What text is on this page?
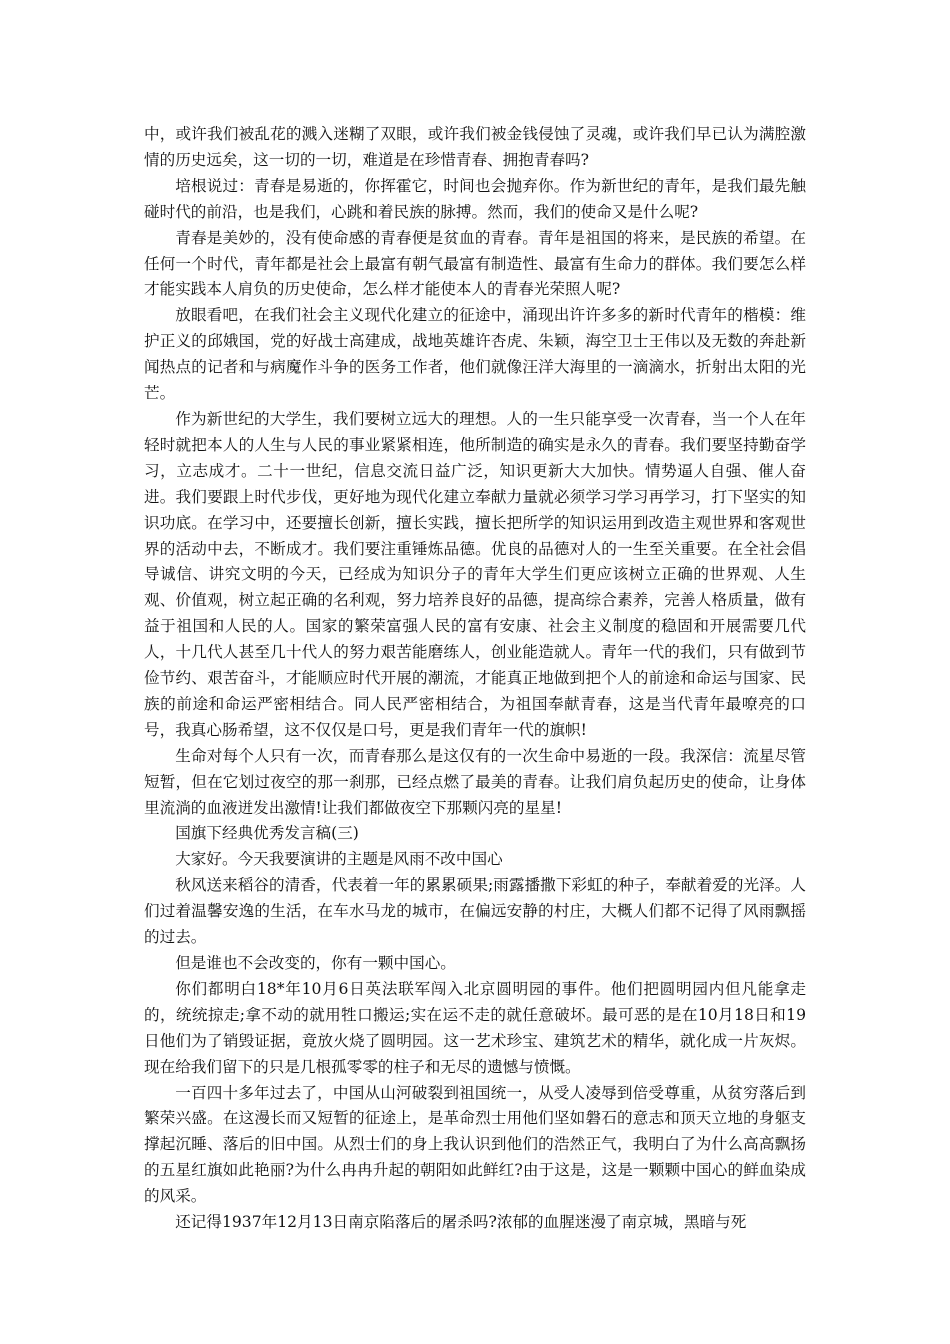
中，或许我们被乱花的溅入迷糊了双眼，或许我们被金钱侵蚀了灵魂，或许我们早已认为满腔激情的历史远矣，这一切的一切，难道是在珍惜青春、拥抱青春吗?

培根说过：青春是易逝的，你挥霍它，时间也会抛弃你。作为新世纪的青年，是我们最先触碰时代的前沿，也是我们，心跳和着民族的脉搏。然而，我们的使命又是什么呢?

青春是美妙的，没有使命感的青春便是贫血的青春。青年是祖国的将来，是民族的希望。在任何一个时代，青年都是社会上最富有朝气最富有制造性、最富有生命力的群体。我们要怎么样才能实践本人肩负的历史使命，怎么样才能使本人的青春光荣照人呢?

放眼看吧，在我们社会主义现代化建立的征途中，涌现出许许多多的新时代青年的楷模：维护正义的邱娥国，党的好战士高建成，战地英雄许杏虎、朱颖，海空卫士王伟以及无数的奔赴新闻热点的记者和与病魔作斗争的医务工作者，他们就像汪洋大海里的一滴滴水，折射出太阳的光芒。

作为新世纪的大学生，我们要树立远大的理想。人的一生只能享受一次青春，当一个人在年轻时就把本人的人生与人民的事业紧紧相连，他所制造的确实是永久的青春。我们要坚持勤奋学习，立志成才。二十一世纪，信息交流日益广泛，知识更新大大加快。情势逼人自强、催人奋进。我们要跟上时代步伐，更好地为现代化建立奉献力量就必须学习学习再学习，打下坚实的知识功底。在学习中，还要擅长创新，擅长实践，擅长把所学的知识运用到改造主观世界和客观世界的活动中去，不断成才。我们要注重锤炼品德。优良的品德对人的一生至关重要。在全社会倡导诚信、讲究文明的今天，已经成为知识分子的青年大学生们更应该树立正确的世界观、人生观、价值观，树立起正确的名利观，努力培养良好的品德，提高综合素养，完善人格质量，做有益于祖国和人民的人。国家的繁荣富强人民的富有安康、社会主义制度的稳固和开展需要几代人，十几代人甚至几十代人的努力艰苦能磨练人，创业能造就人。青年一代的我们，只有做到节俭节约、艰苦奋斗，才能顺应时代开展的潮流，才能真正地做到把个人的前途和命运与国家、民族的前途和命运严密相结合。同人民严密相结合，为祖国奉献青春，这是当代青年最嘹亮的口号，我真心肠希望，这不仅仅是口号，更是我们青年一代的旗帜!

生命对每个人只有一次，而青春那么是这仅有的一次生命中易逝的一段。我深信：流星尽管短暂，但在它划过夜空的那一刹那，已经点燃了最美的青春。让我们肩负起历史的使命，让身体里流淌的血液迸发出激情!让我们都做夜空下那颗闪亮的星星!

国旗下经典优秀发言稿(三)

大家好。今天我要演讲的主题是风雨不改中国心

秋风送来稻谷的清香，代表着一年的累累硕果;雨露播撒下彩虹的种子，奉献着爱的光泽。人们过着温馨安逸的生活，在车水马龙的城市，在偏远安静的村庄，大概人们都不记得了风雨飘摇的过去。

但是谁也不会改变的，你有一颗中国心。

你们都明白18*年10月6日英法联军闯入北京圆明园的事件。他们把圆明园内但凡能拿走的，统统掠走;拿不动的就用牲口搬运;实在运不走的就任意破坏。最可恶的是在10月18日和19日他们为了销毁证据，竟放火烧了圆明园。这一艺术珍宝、建筑艺术的精华，就化成一片灰烬。现在给我们留下的只是几根孤零零的柱子和无尽的遗憾与愤慨。

一百四十多年过去了，中国从山河破裂到祖国统一，从受人凌辱到倍受尊重，从贫穷落后到繁荣兴盛。在这漫长而又短暂的征途上，是革命烈士用他们坚如磐石的意志和顶天立地的身躯支撑起沉睡、落后的旧中国。从烈士们的身上我认识到他们的浩然正气，我明白了为什么高高飘扬的五星红旗如此艳丽?为什么冉冉升起的朝阳如此鲜红?由于这是，这是一颗颗中国心的鲜血染成的风采。

还记得1937年12月13日南京陷落后的屠杀吗?浓郁的血腥迷漫了南京城，黑暗与死
